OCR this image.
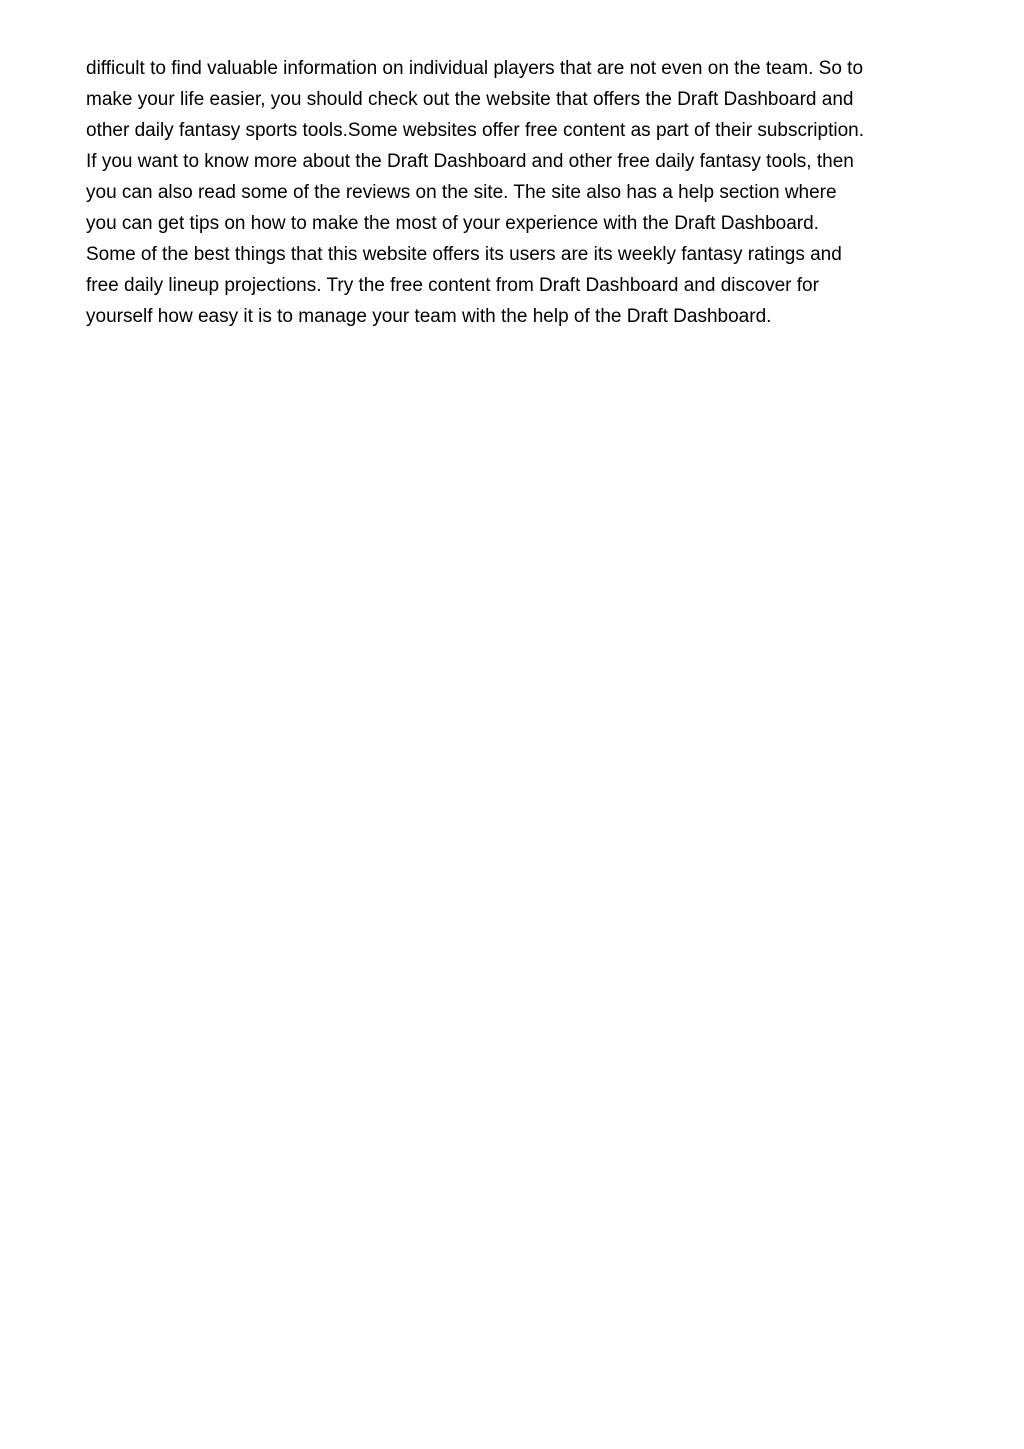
difficult to find valuable information on individual players that are not even on the team. So to
make your life easier, you should check out the website that offers the Draft Dashboard and
other daily fantasy sports tools.Some websites offer free content as part of their subscription.
If you want to know more about the Draft Dashboard and other free daily fantasy tools, then
you can also read some of the reviews on the site. The site also has a help section where
you can get tips on how to make the most of your experience with the Draft Dashboard.
Some of the best things that this website offers its users are its weekly fantasy ratings and
free daily lineup projections. Try the free content from Draft Dashboard and discover for
yourself how easy it is to manage your team with the help of the Draft Dashboard.
